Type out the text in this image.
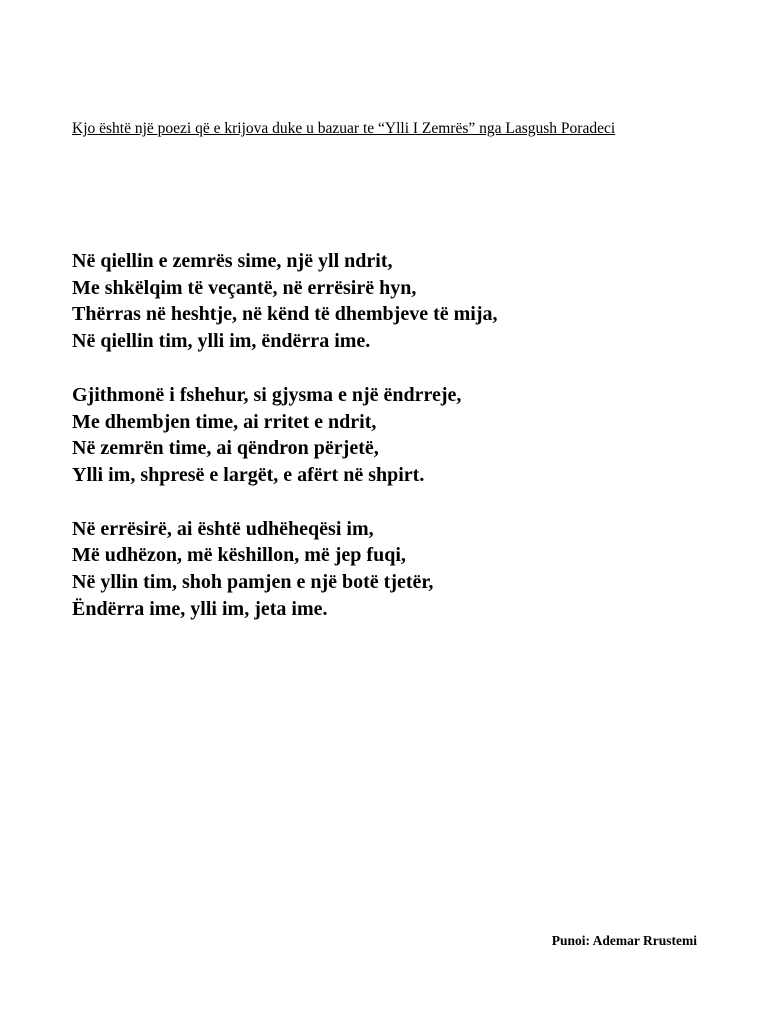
Kjo është një poezi që e krijova duke u bazuar te “Ylli I Zemrës” nga Lasgush Poradeci

Në qiellin e zemrës sime, një yll ndrit,
Me shkëlqim të veçantë, në errësirë hyn,
Thërras në heshtje, në kënd të dhembjeve të mija,
Në qiellin tim, ylli im, ëndërra ime.
Gjithmonë i fshehur, si gjysma e një ëndrreje,
Me dhembjen time, ai rritet e ndrit,
Në zemrën time, ai qëndron përjetë,
Ylli im, shpresë e largët, e afërt në shpirt.
Në errësirë, ai është udhëheqësi im,
Më udhëzon, më këshillon, më jep fuqi,
Në yllin tim, shoh pamjen e një botë tjetër,
Ëndërra ime, ylli im, jeta ime.

Punoi: Ademar Rrustemi
